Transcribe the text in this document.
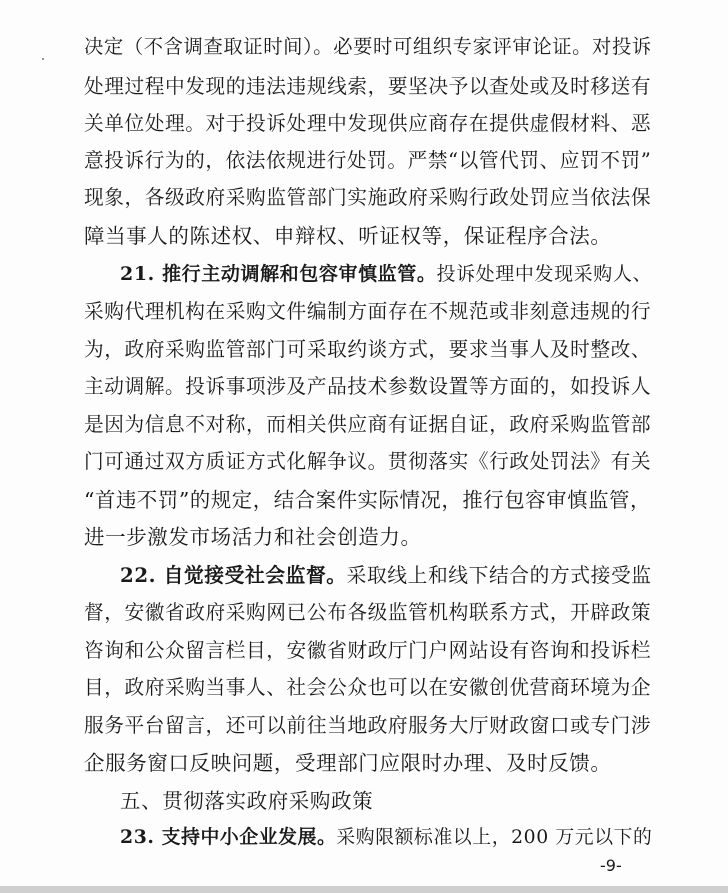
决定（不含调查取证时间）。必要时可组织专家评审论证。对投诉
处理过程中发现的违法违规线索，要坚决予以查处或及时移送有
关单位处理。对于投诉处理中发现供应商存在提供虚假材料、恶
意投诉行为的，依法依规进行处罚。严禁“以管代罚、应罚不罚”
现象，各级政府采购监管部门实施政府采购行政处罚应当依法保
障当事人的陈述权、申辩权、听证权等，保证程序合法。
21. 推行主动调解和包容审慎监管。投诉处理中发现采购人、
采购代理机构在采购文件编制方面存在不规范或非刻意违规的行
为，政府采购监管部门可采取约谈方式，要求当事人及时整改、
主动调解。投诉事项涉及产品技术参数设置等方面的，如投诉人
是因为信息不对称，而相关供应商有证据自证，政府采购监管部
门可通过双方质证方式化解争议。贯彻落实《行政处罚法》有关
“首违不罚”的规定，结合案件实际情况，推行包容审慎监管，
进一步激发市场活力和社会创造力。
22. 自觉接受社会监督。采取线上和线下结合的方式接受监
督，安徽省政府采购网已公布各级监管机构联系方式，开辟政策
咨询和公众留言栏目，安徽省财政厅门户网站设有咨询和投诉栏
目，政府采购当事人、社会公众也可以在安徽创优营商环境为企
服务平台留言，还可以前往当地政府服务大厅财政窗口或专门涉
企服务窗口反映问题，受理部门应限时办理、及时反馈。
五、贯彻落实政府采购政策
23. 支持中小企业发展。采购限额标准以上，200 万元以下的
-9-
